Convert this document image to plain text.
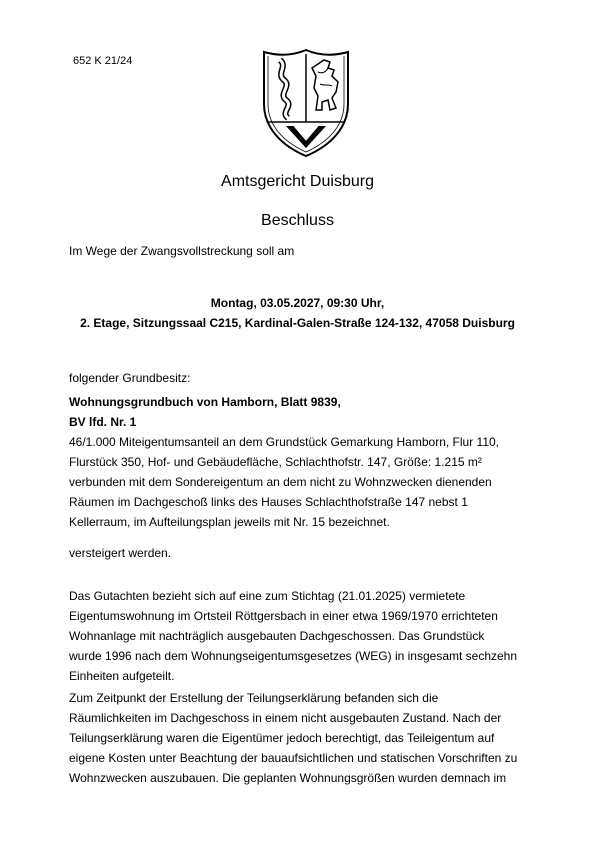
652 K 21/24
Amtsgericht Duisburg
Beschluss
Im Wege der Zwangsvollstreckung soll am
Montag, 03.05.2027, 09:30 Uhr,
2. Etage, Sitzungssaal C215, Kardinal-Galen-Straße 124-132, 47058 Duisburg

folgender Grundbesitz:

Wohnungsgrundbuch von Hamborn, Blatt 9839,

BV lfd. Nr. 1

46/1.000 Miteigentumsanteil an dem Grundstück Gemarkung Hamborn, Flur 110,

Flurstück 350, Hof- und Gebäudefläche, Schlachthofstr. 147, Größe: 1.215 m²

verbunden mit dem Sondereigentum an dem nicht zu Wohnzwecken dienenden

Räumen im Dachgeschoß links des Hauses Schlachthofstraße 147 nebst 1

Kellerraum, im Aufteilungsplan jeweils mit Nr. 15 bezeichnet.

versteigert werden.

Das Gutachten bezieht sich auf eine zum Stichtag (21.01.2025) vermietete

Eigentumswohnung im Ortsteil Röttgersbach in einer etwa 1969/1970 errichteten

Wohnanlage mit nachträglich ausgebauten Dachgeschossen. Das Grundstück

wurde 1996 nach dem Wohnungseigentumsgesetzes (WEG) in insgesamt sechzehn

Einheiten aufgeteilt.

Zum Zeitpunkt der Erstellung der Teilungserklärung befanden sich die

Räumlichkeiten im Dachgeschoss in einem nicht ausgebauten Zustand. Nach der

Teilungserklärung waren die Eigentümer jedoch berechtigt, das Teileigentum auf

eigene Kosten unter Beachtung der bauaufsichtlichen und statischen Vorschriften zu

Wohnzwecken auszubauen. Die geplanten Wohnungsgrößen wurden demnach im
